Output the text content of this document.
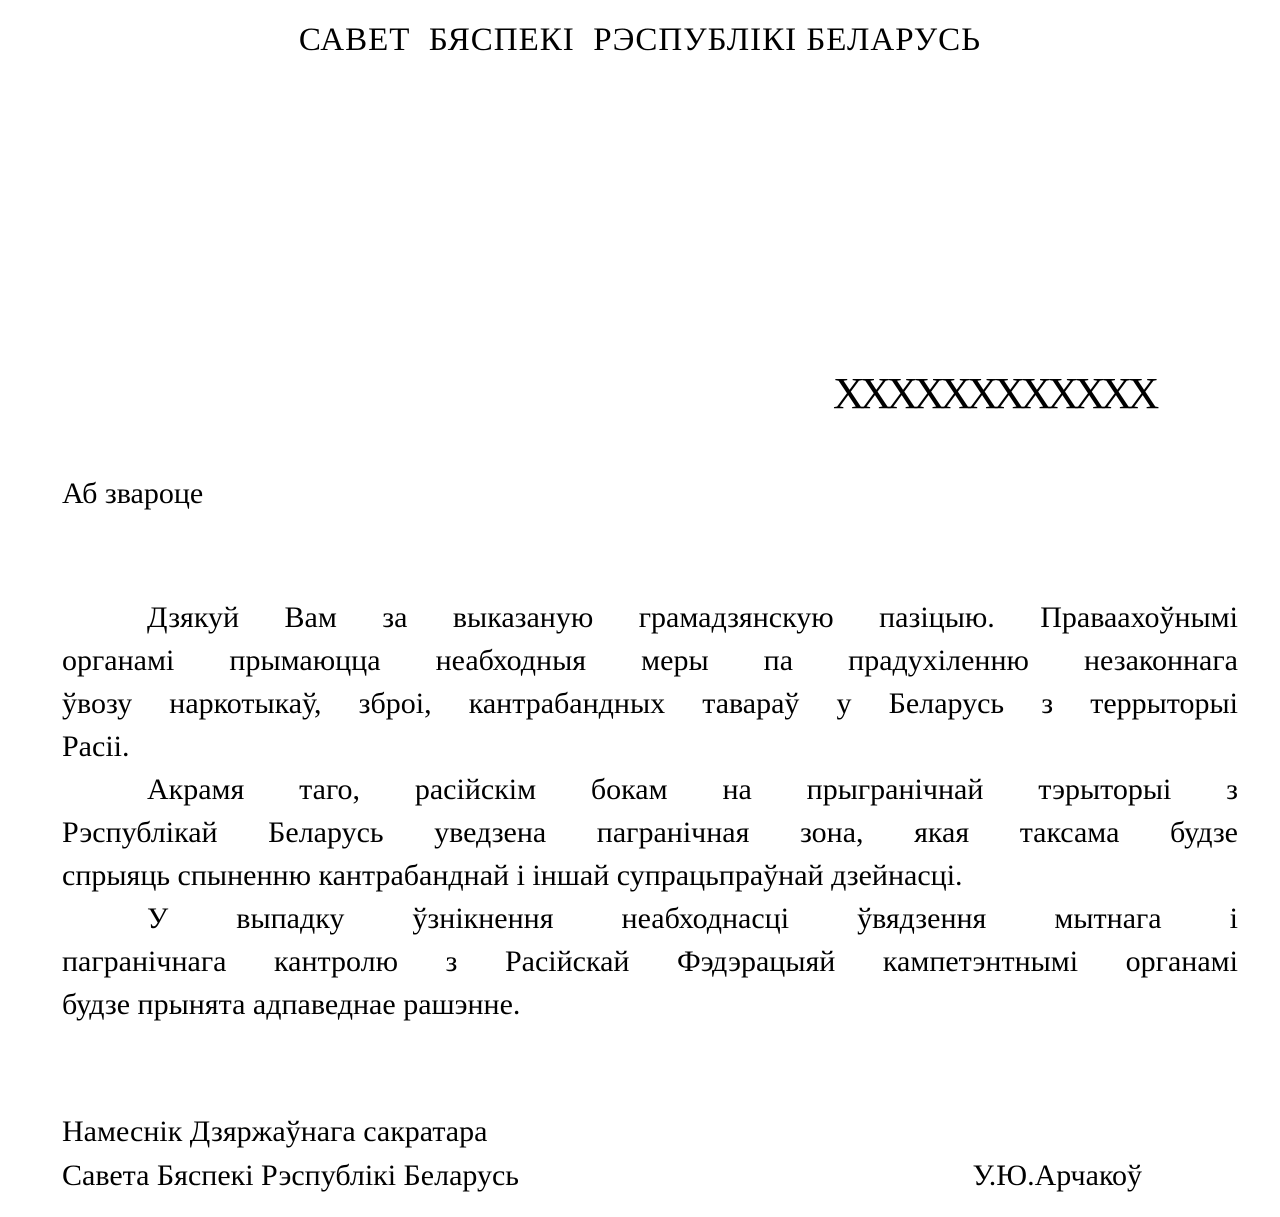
САВЕТ  БЯСПЕКІ  РЭСПУБЛІКІ БЕЛАРУСЬ
XXXXXXXXXXXX
Аб звароце
Дзякуй Вам за выказаную грамадзянскую пазіцыю. Праваахоўнымі
органамі прымаюцца неабходныя меры па прадухіленню незаконнага
ўвозу наркотыкаў, зброі, кантрабандных тавараў у Беларусь з террыторыі
Расіі.
Акрамя таго, расійскім бокам на прыгранічнай тэрыторыі з
Рэспублікай Беларусь уведзена пагранічная зона, якая таксама будзе
спрыяць спыненню кантрабанднай і іншай супрацьпраўнай дзейнасці.
У выпадку ўзнікнення неабходнасці ўвядзення мытнага і
пагранічнага кантролю з Расійскай Фэдэрацыяй кампетэнтнымі органамі
будзе прынята адпаведнае рашэнне.
Намеснік Дзяржаўнага сакратара
Савета Бяспекі Рэспублікі Беларусь	У.Ю.Арчакоў
